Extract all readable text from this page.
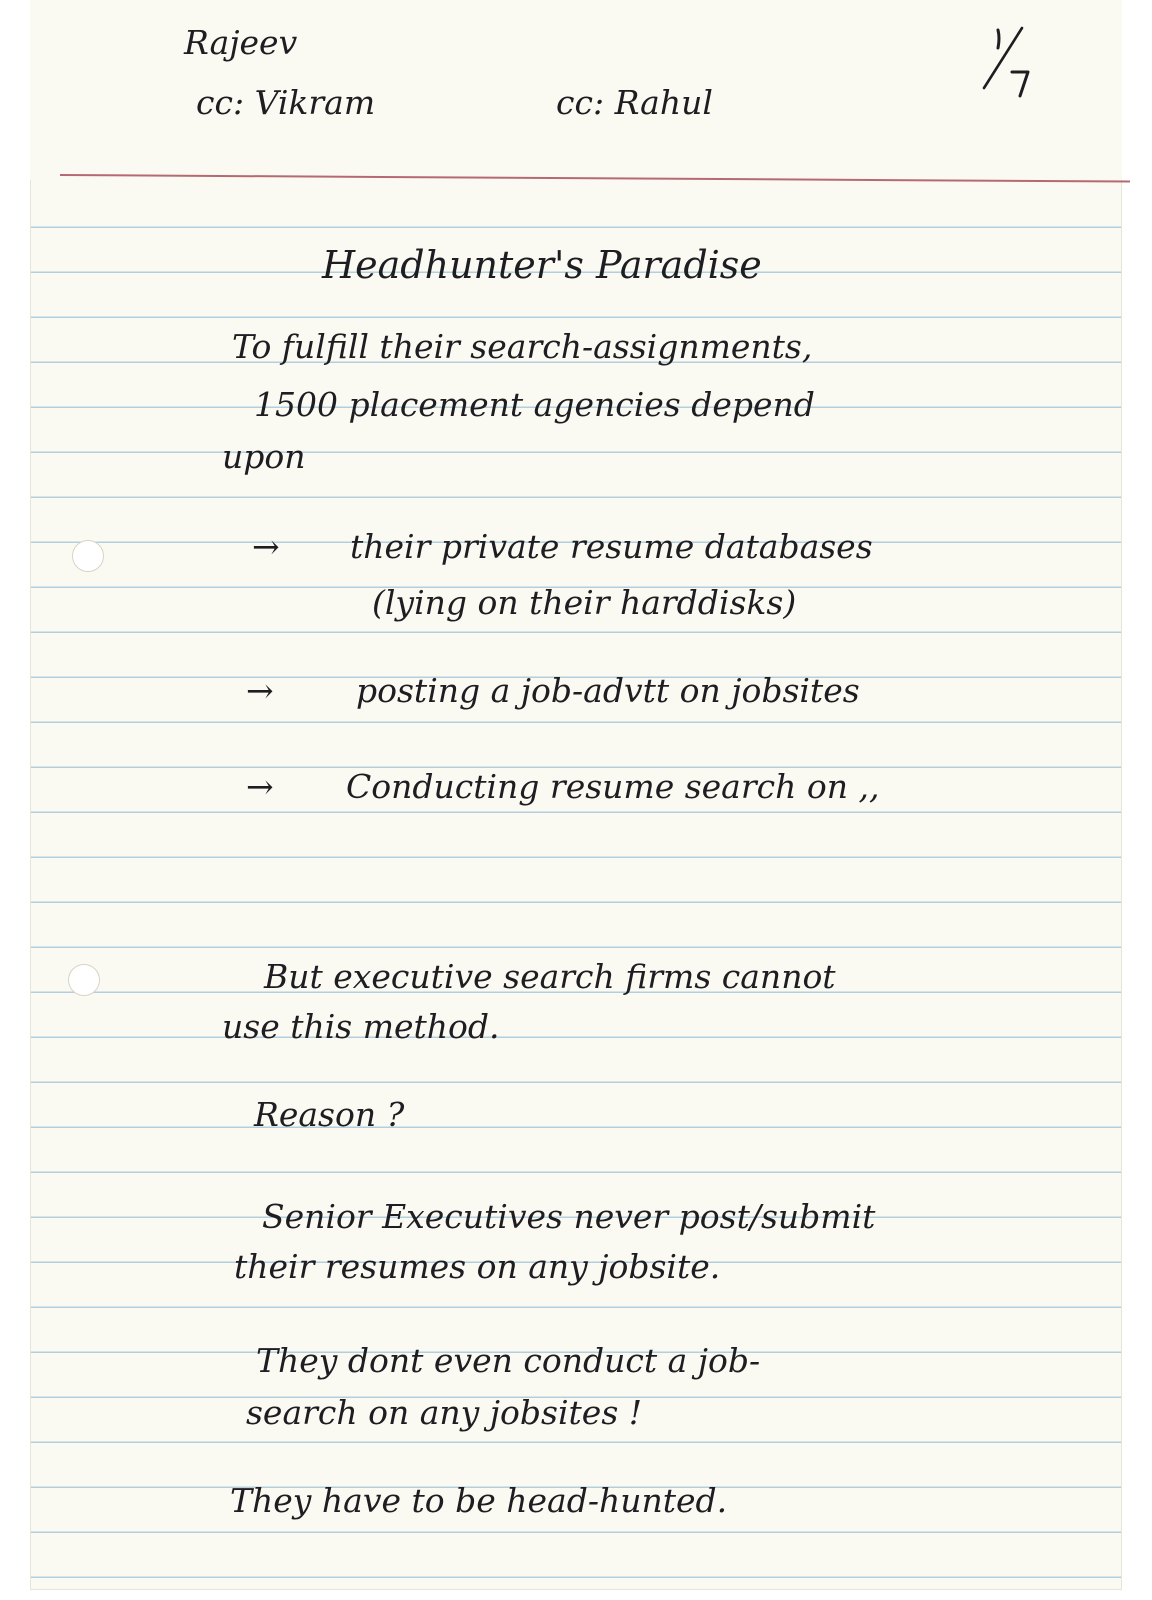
Rajeev
cc: Vikram	cc: Rahul
Headhunter's Paradise
To fulfill their search-assignments,
1500 placement agencies depend
upon
→ their private resume databases
(lying on their harddisks)
→ posting a job-advtt on jobsites
→ Conducting resume search on ,,
But executive search firms cannot
use this method.
Reason ?
Senior Executives never post/submit
their resumes on any jobsite.
They dont even conduct a job-
search on any jobsites !
They have to be head-hunted.
